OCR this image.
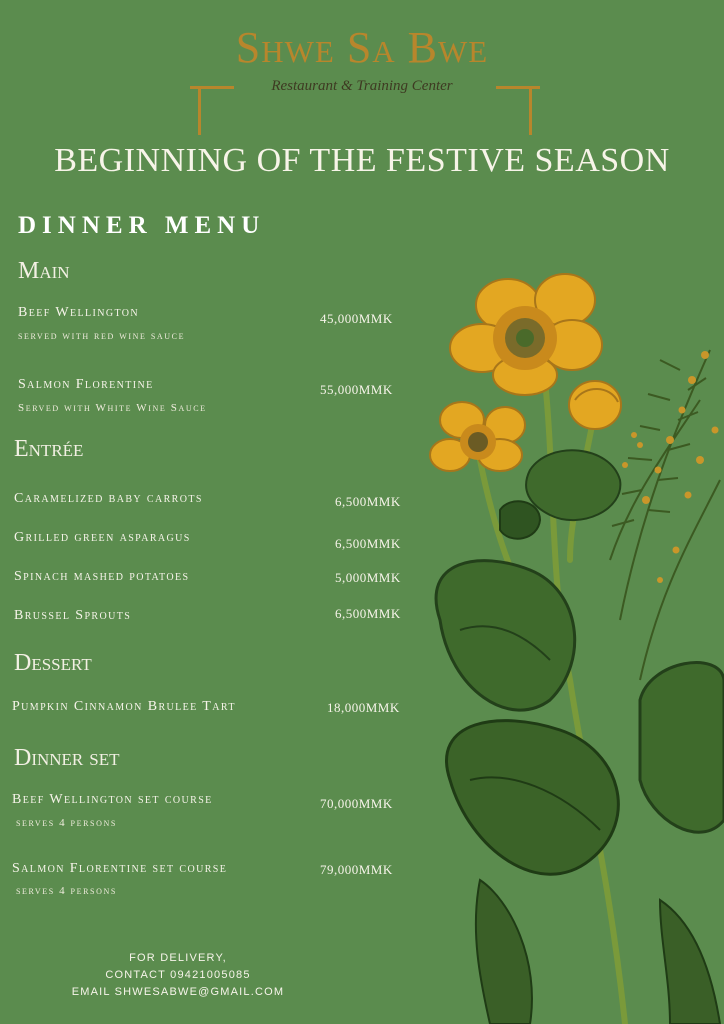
Shwe Sa Bwe
Restaurant & Training Center
BEGINNING OF THE FESTIVE SEASON
DINNER MENU
Main
Beef Wellington
served with red wine sauce
45,000MMK
Salmon Florentine
Served with White Wine Sauce
55,000MMK
Entrée
Caramelized baby carrots	6,500MMK
Grilled green asparagus	6,500MMK
Spinach mashed potatoes	5,000MMK
Brussel Sprouts	6,500MMK
Dessert
Pumpkin Cinnamon Brulee Tart	18,000MMK
Dinner set
Beef Wellington set course
serves 4 persons
70,000MMK
Salmon Florentine set course
serves 4 persons
79,000MMK
FOR DELIVERY,
CONTACT 09421005085
EMAIL SHWESABWE@GMAIL.COM
